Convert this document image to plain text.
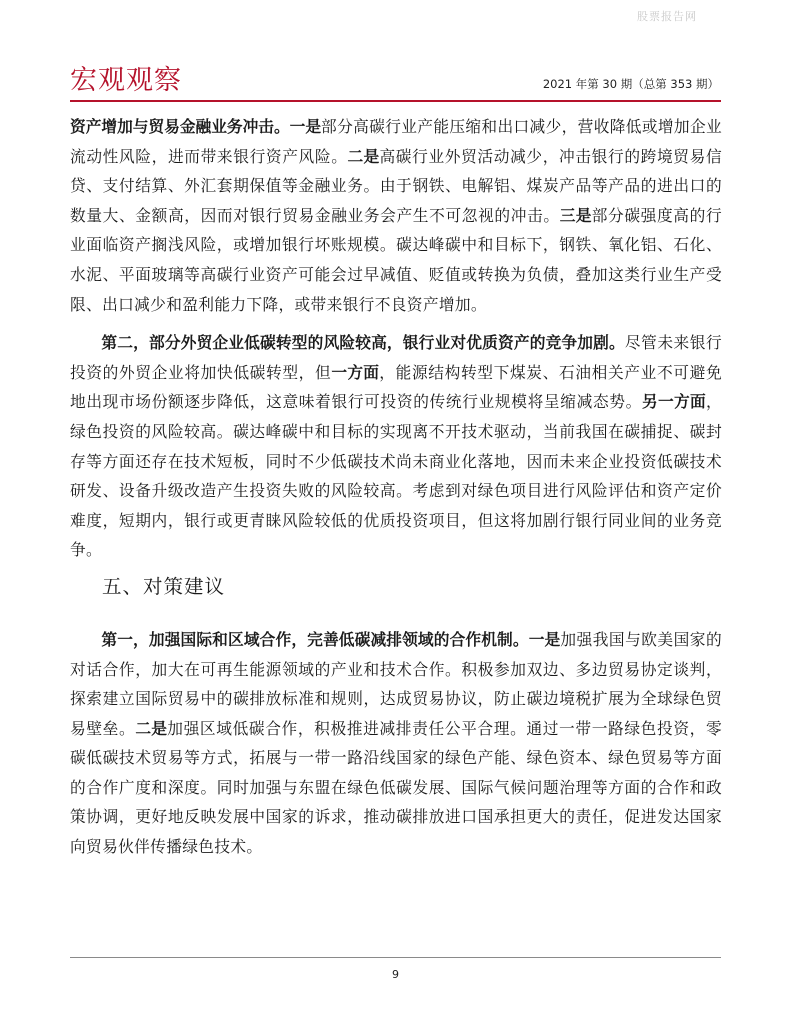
股票报告网
宏观观察	2021 年第 30 期（总第 353 期）

资产增加与贸易金融业务冲击。一是部分高碳行业产能压缩和出口减少，营收降低或增加企业流动性风险，进而带来银行资产风险。二是高碳行业外贸活动减少，冲击银行的跨境贸易信贷、支付结算、外汇套期保值等金融业务。由于钢铁、电解铝、煤炭产品等产品的进出口的数量大、金额高，因而对银行贸易金融业务会产生不可忽视的冲击。三是部分碳强度高的行业面临资产搁浅风险，或增加银行坏账规模。碳达峰碳中和目标下，钢铁、氧化铝、石化、水泥、平面玻璃等高碳行业资产可能会过早减值、贬值或转换为负债，叠加这类行业生产受限、出口减少和盈利能力下降，或带来银行不良资产增加。

第二，部分外贸企业低碳转型的风险较高，银行业对优质资产的竞争加剧。尽管未来银行投资的外贸企业将加快低碳转型，但一方面，能源结构转型下煤炭、石油相关产业不可避免地出现市场份额逐步降低，这意味着银行可投资的传统行业规模将呈缩减态势。另一方面，绿色投资的风险较高。碳达峰碳中和目标的实现离不开技术驱动，当前我国在碳捕捉、碳封存等方面还存在技术短板，同时不少低碳技术尚未商业化落地，因而未来企业投资低碳技术研发、设备升级改造产生投资失败的风险较高。考虑到对绿色项目进行风险评估和资产定价难度，短期内，银行或更青睐风险较低的优质投资项目，但这将加剧行银行同业间的业务竞争。

五、对策建议

第一，加强国际和区域合作，完善低碳减排领域的合作机制。一是加强我国与欧美国家的对话合作，加大在可再生能源领域的产业和技术合作。积极参加双边、多边贸易协定谈判，探索建立国际贸易中的碳排放标准和规则，达成贸易协议，防止碳边境税扩展为全球绿色贸易壁垒。二是加强区域低碳合作，积极推进减排责任公平合理。通过一带一路绿色投资，零碳低碳技术贸易等方式，拓展与一带一路沿线国家的绿色产能、绿色资本、绿色贸易等方面的合作广度和深度。同时加强与东盟在绿色低碳发展、国际气候问题治理等方面的合作和政策协调，更好地反映发展中国家的诉求，推动碳排放进口国承担更大的责任，促进发达国家向贸易伙伴传播绿色技术。

9
